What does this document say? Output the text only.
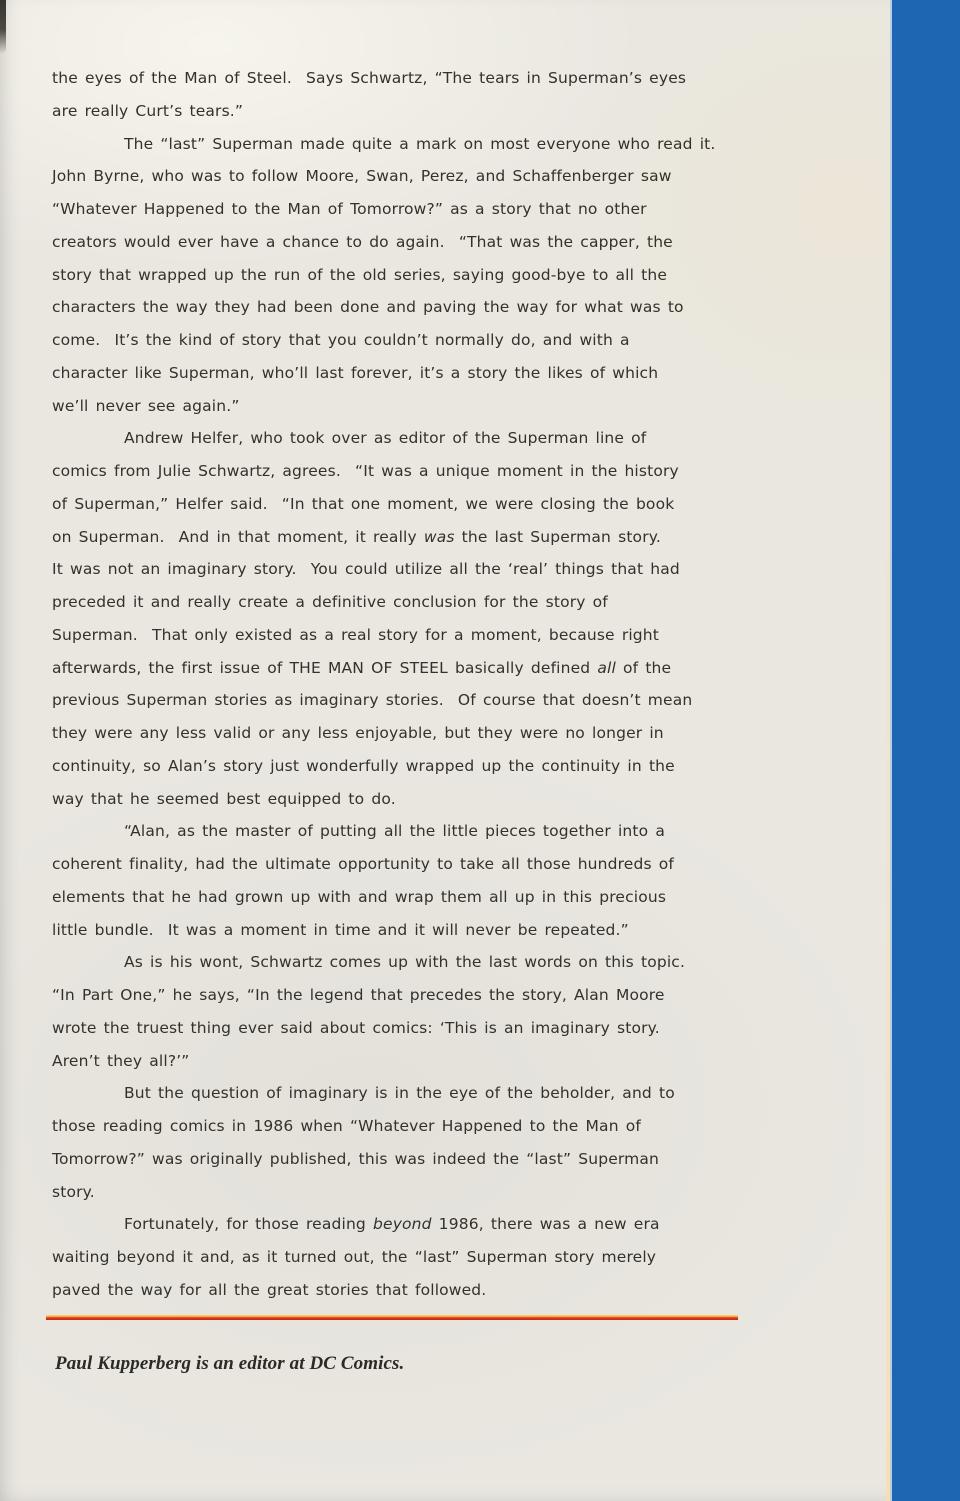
the eyes of the Man of Steel.  Says Schwartz, “The tears in Superman’s eyes
are really Curt’s tears.”
The “last” Superman made quite a mark on most everyone who read it.
John Byrne, who was to follow Moore, Swan, Perez, and Schaffenberger saw
“Whatever Happened to the Man of Tomorrow?” as a story that no other
creators would ever have a chance to do again.  “That was the capper, the
story that wrapped up the run of the old series, saying good-bye to all the
characters the way they had been done and paving the way for what was to
come.  It’s the kind of story that you couldn’t normally do, and with a
character like Superman, who’ll last forever, it’s a story the likes of which
we’ll never see again.”
Andrew Helfer, who took over as editor of the Superman line of
comics from Julie Schwartz, agrees.  “It was a unique moment in the history
of Superman,” Helfer said.  “In that one moment, we were closing the book
on Superman.  And in that moment, it really was the last Superman story.
It was not an imaginary story.  You could utilize all the ‘real’ things that had
preceded it and really create a definitive conclusion for the story of
Superman.  That only existed as a real story for a moment, because right
afterwards, the first issue of THE MAN OF STEEL basically defined all of the
previous Superman stories as imaginary stories.  Of course that doesn’t mean
they were any less valid or any less enjoyable, but they were no longer in
continuity, so Alan’s story just wonderfully wrapped up the continuity in the
way that he seemed best equipped to do.
“Alan, as the master of putting all the little pieces together into a
coherent finality, had the ultimate opportunity to take all those hundreds of
elements that he had grown up with and wrap them all up in this precious
little bundle.  It was a moment in time and it will never be repeated.”
As is his wont, Schwartz comes up with the last words on this topic.
“In Part One,” he says, “In the legend that precedes the story, Alan Moore
wrote the truest thing ever said about comics: ‘This is an imaginary story.
Aren’t they all?’”
But the question of imaginary is in the eye of the beholder, and to
those reading comics in 1986 when “Whatever Happened to the Man of
Tomorrow?” was originally published, this was indeed the “last” Superman
story.
Fortunately, for those reading beyond 1986, there was a new era
waiting beyond it and, as it turned out, the “last” Superman story merely
paved the way for all the great stories that followed.
Paul Kupperberg is an editor at DC Comics.
